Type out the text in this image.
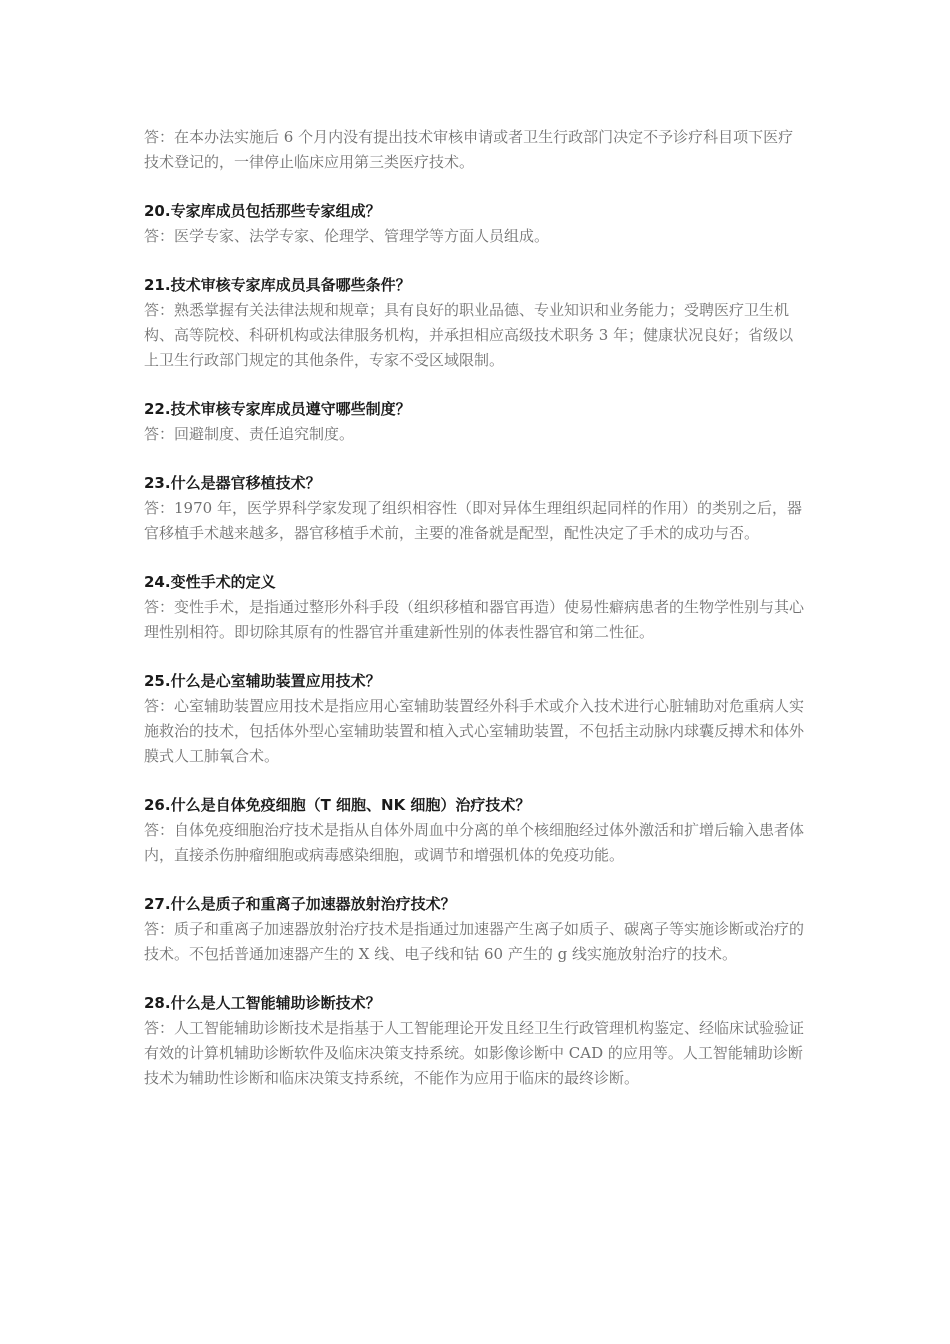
答：在本办法实施后 6 个月内没有提出技术审核申请或者卫生行政部门决定不予诊疗科目项下医疗技术登记的，一律停止临床应用第三类医疗技术。

20.专家库成员包括那些专家组成？

答：医学专家、法学专家、伦理学、管理学等方面人员组成。

21.技术审核专家库成员具备哪些条件？

答：熟悉掌握有关法律法规和规章；具有良好的职业品德、专业知识和业务能力；受聘医疗卫生机构、高等院校、科研机构或法律服务机构，并承担相应高级技术职务 3 年；健康状况良好；省级以上卫生行政部门规定的其他条件，专家不受区域限制。

22.技术审核专家库成员遵守哪些制度？

答：回避制度、责任追究制度。

23.什么是器官移植技术？

答：1970 年，医学界科学家发现了组织相容性（即对异体生理组织起同样的作用）的类别之后，器官移植手术越来越多，器官移植手术前，主要的准备就是配型，配性决定了手术的成功与否。

24.变性手术的定义

答：变性手术，是指通过整形外科手段（组织移植和器官再造）使易性癖病患者的生物学性别与其心理性别相符。即切除其原有的性器官并重建新性别的体表性器官和第二性征。

25.什么是心室辅助装置应用技术？

答：心室辅助装置应用技术是指应用心室辅助装置经外科手术或介入技术进行心脏辅助对危重病人实施救治的技术，包括体外型心室辅助装置和植入式心室辅助装置，不包括主动脉内球囊反搏术和体外膜式人工肺氧合术。

26.什么是自体免疫细胞（T 细胞、NK 细胞）治疗技术？

答：自体免疫细胞治疗技术是指从自体外周血中分离的单个核细胞经过体外激活和扩增后输入患者体内，直接杀伤肿瘤细胞或病毒感染细胞，或调节和增强机体的免疫功能。

27.什么是质子和重离子加速器放射治疗技术？

答：质子和重离子加速器放射治疗技术是指通过加速器产生离子如质子、碳离子等实施诊断或治疗的技术。不包括普通加速器产生的 X 线、电子线和钴 60 产生的 g 线实施放射治疗的技术。

28.什么是人工智能辅助诊断技术？

答：人工智能辅助诊断技术是指基于人工智能理论开发且经卫生行政管理机构鉴定、经临床试验验证有效的计算机辅助诊断软件及临床决策支持系统。如影像诊断中 CAD 的应用等。人工智能辅助诊断技术为辅助性诊断和临床决策支持系统，不能作为应用于临床的最终诊断。
